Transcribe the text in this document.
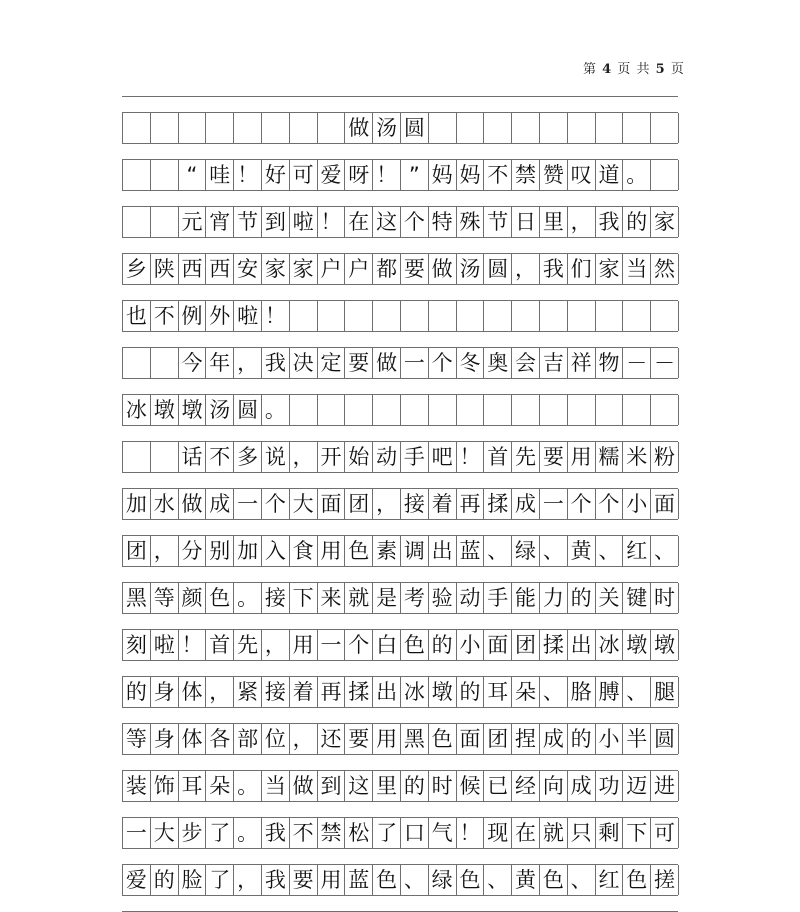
第 4 页 共 5 页
做 汤 圆
“ 哇 ！ 好 可 爱 呀 ！ ” 妈 妈 不 禁 赞 叹 道 。
元 宵 节 到 啦 ！ 在 这 个 特 殊 节 日 里 ， 我 的 家
乡 陕 西 西 安 家 家 户 户 都 要 做 汤 圆 ， 我 们 家 当 然
也 不 例 外 啦 ！
今 年 ， 我 决 定 要 做 一 个 冬 奥 会 吉 祥 物 － －
冰 墩 墩 汤 圆 。
话 不 多 说 ， 开 始 动 手 吧 ！ 首 先 要 用 糯 米 粉
加 水 做 成 一 个 大 面 团 ， 接 着 再 揉 成 一 个 个 小 面
团 ， 分 别 加 入 食 用 色 素 调 出 蓝 、 绿 、 黄 、 红 、
黑 等 颜 色 。 接 下 来 就 是 考 验 动 手 能 力 的 关 键 时
刻 啦 ！ 首 先 ， 用 一 个 白 色 的 小 面 团 揉 出 冰 墩 墩
的 身 体 ， 紧 接 着 再 揉 出 冰 墩 的 耳 朵 、 胳 膊 、 腿
等 身 体 各 部 位 ， 还 要 用 黑 色 面 团 捏 成 的 小 半 圆
装 饰 耳 朵 。 当 做 到 这 里 的 时 候 已 经 向 成 功 迈 进
一 大 步 了 。 我 不 禁 松 了 口 气 ！ 现 在 就 只 剩 下 可
爱 的 脸 了 ， 我 要 用 蓝 色 、 绿 色 、 黄 色 、 红 色 搓
